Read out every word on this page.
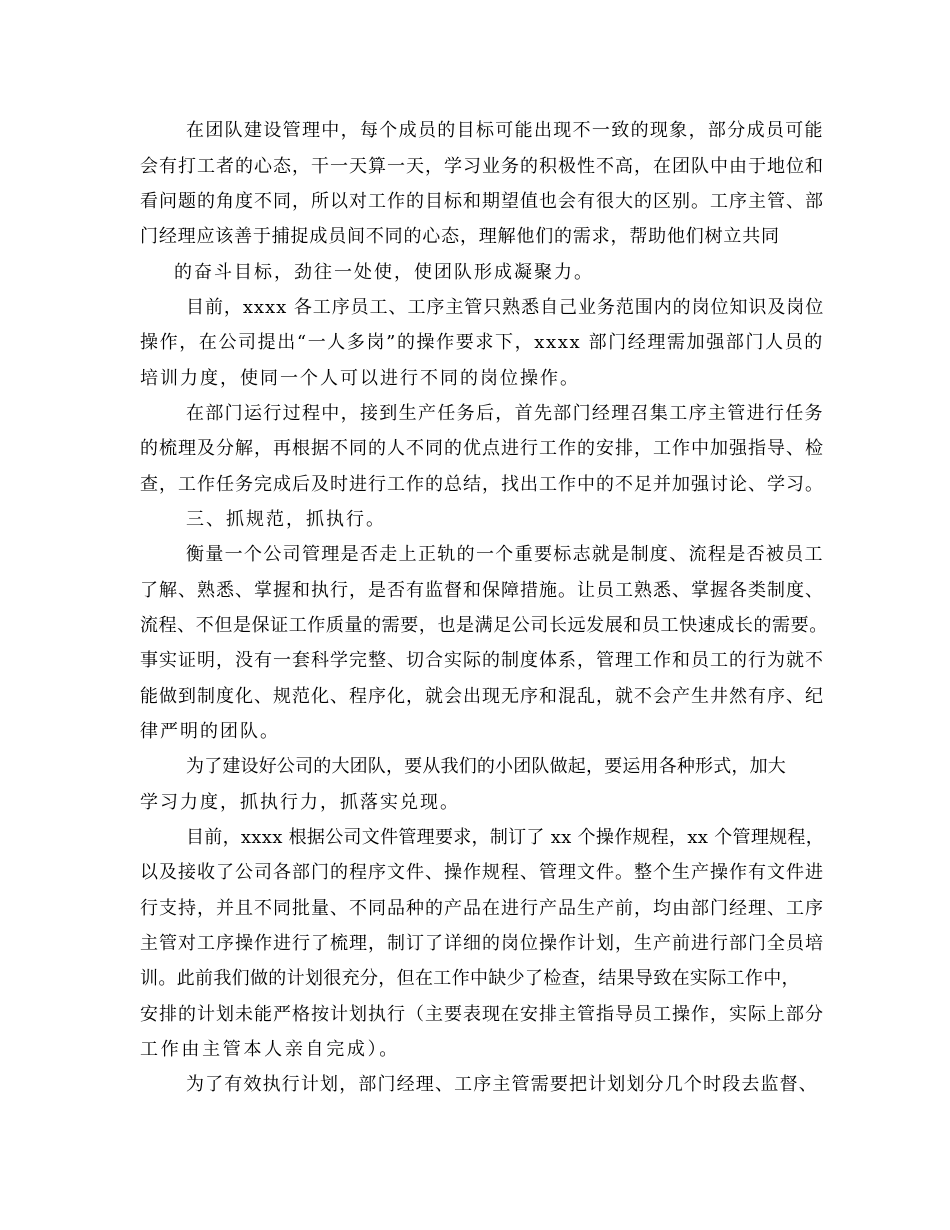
在团队建设管理中，每个成员的目标可能出现不一致的现象，部分成员可能

会有打工者的心态，干一天算一天，学习业务的积极性不高，在团队中由于地位和

看问题的角度不同，所以对工作的目标和期望值也会有很大的区别。工序主管、部

门经理应该善于捕捉成员间不同的心态，理解他们的需求，帮助他们树立共同

的奋斗目标，劲往一处使，使团队形成凝聚力。

目前，xxxx 各工序员工、工序主管只熟悉自己业务范围内的岗位知识及岗位

操作，在公司提出“一人多岗”的操作要求下，xxxx 部门经理需加强部门人员的

培训力度，使同一个人可以进行不同的岗位操作。

在部门运行过程中，接到生产任务后，首先部门经理召集工序主管进行任务

的梳理及分解，再根据不同的人不同的优点进行工作的安排，工作中加强指导、检

查，工作任务完成后及时进行工作的总结，找出工作中的不足并加强讨论、学习。

三、抓规范，抓执行。

衡量一个公司管理是否走上正轨的一个重要标志就是制度、流程是否被员工

了解、熟悉、掌握和执行，是否有监督和保障措施。让员工熟悉、掌握各类制度、

流程、不但是保证工作质量的需要，也是满足公司长远发展和员工快速成长的需要。

事实证明，没有一套科学完整、切合实际的制度体系，管理工作和员工的行为就不

能做到制度化、规范化、程序化，就会出现无序和混乱，就不会产生井然有序、纪

律严明的团队。

为了建设好公司的大团队，要从我们的小团队做起，要运用各种形式，加大

学习力度，抓执行力，抓落实兑现。

目前，xxxx 根据公司文件管理要求，制订了 xx 个操作规程，xx 个管理规程，

以及接收了公司各部门的程序文件、操作规程、管理文件。整个生产操作有文件进

行支持，并且不同批量、不同品种的产品在进行产品生产前，均由部门经理、工序

主管对工序操作进行了梳理，制订了详细的岗位操作计划，生产前进行部门全员培

训。此前我们做的计划很充分，但在工作中缺少了检查，结果导致在实际工作中，

安排的计划未能严格按计划执行（主要表现在安排主管指导员工操作，实际上部分

工作由主管本人亲自完成）。

为了有效执行计划，部门经理、工序主管需要把计划划分几个时段去监督、
